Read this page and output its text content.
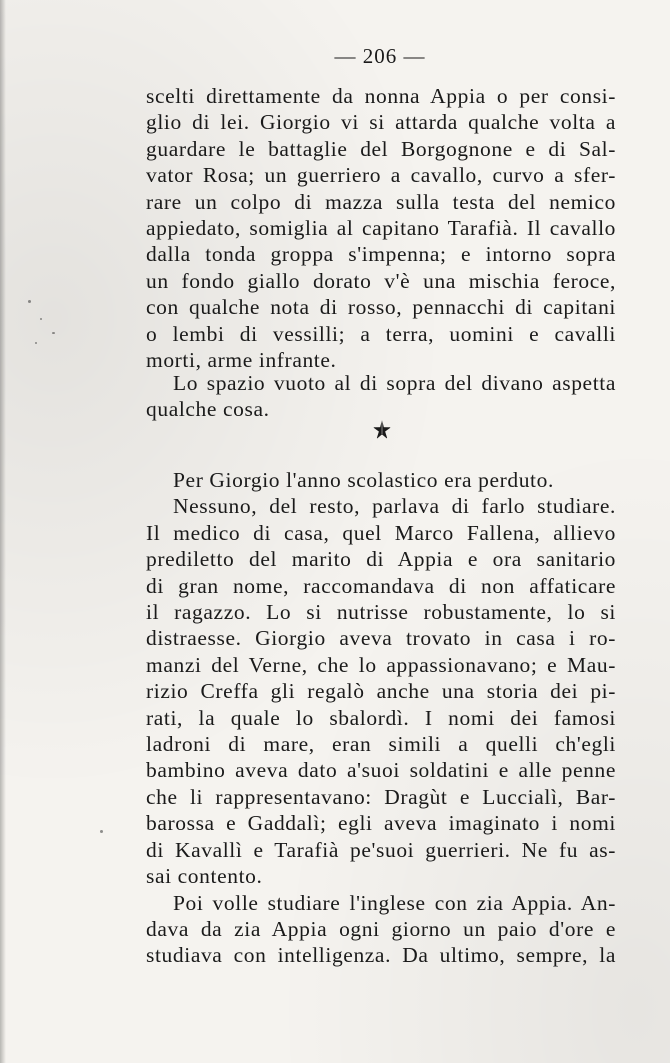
— 206 —
scelti direttamente da nonna Appia o per consi-
glio di lei. Giorgio vi si attarda qualche volta a
guardare le battaglie del Borgognone e di Sal-
vator Rosa; un guerriero a cavallo, curvo a sfer-
rare un colpo di mazza sulla testa del nemico
appiedato, somiglia al capitano Tarafià. Il cavallo
dalla tonda groppa s'impenna; e intorno sopra
un fondo giallo dorato v'è una mischia feroce,
con qualche nota di rosso, pennacchi di capitani
o lembi di vessilli; a terra, uomini e cavalli
morti, arme infrante.
Lo spazio vuoto al di sopra del divano aspetta
qualche cosa.
Per Giorgio l'anno scolastico era perduto.
Nessuno, del resto, parlava di farlo studiare.
Il medico di casa, quel Marco Fallena, allievo
prediletto del marito di Appia e ora sanitario
di gran nome, raccomandava di non affaticare
il ragazzo. Lo si nutrisse robustamente, lo si
distraesse. Giorgio aveva trovato in casa i ro-
manzi del Verne, che lo appassionavano; e Mau-
rizio Creffa gli regalò anche una storia dei pi-
rati, la quale lo sbalordì. I nomi dei famosi
ladroni di mare, eran simili a quelli ch'egli
bambino aveva dato a'suoi soldatini e alle penne
che li rappresentavano: Dragùt e Luccialì, Bar-
barossa e Gaddalì; egli aveva imaginato i nomi
di Kavallì e Tarafià pe'suoi guerrieri. Ne fu as-
sai contento.
Poi volle studiare l'inglese con zia Appia. An-
dava da zia Appia ogni giorno un paio d'ore e
studiava con intelligenza. Da ultimo, sempre, la
